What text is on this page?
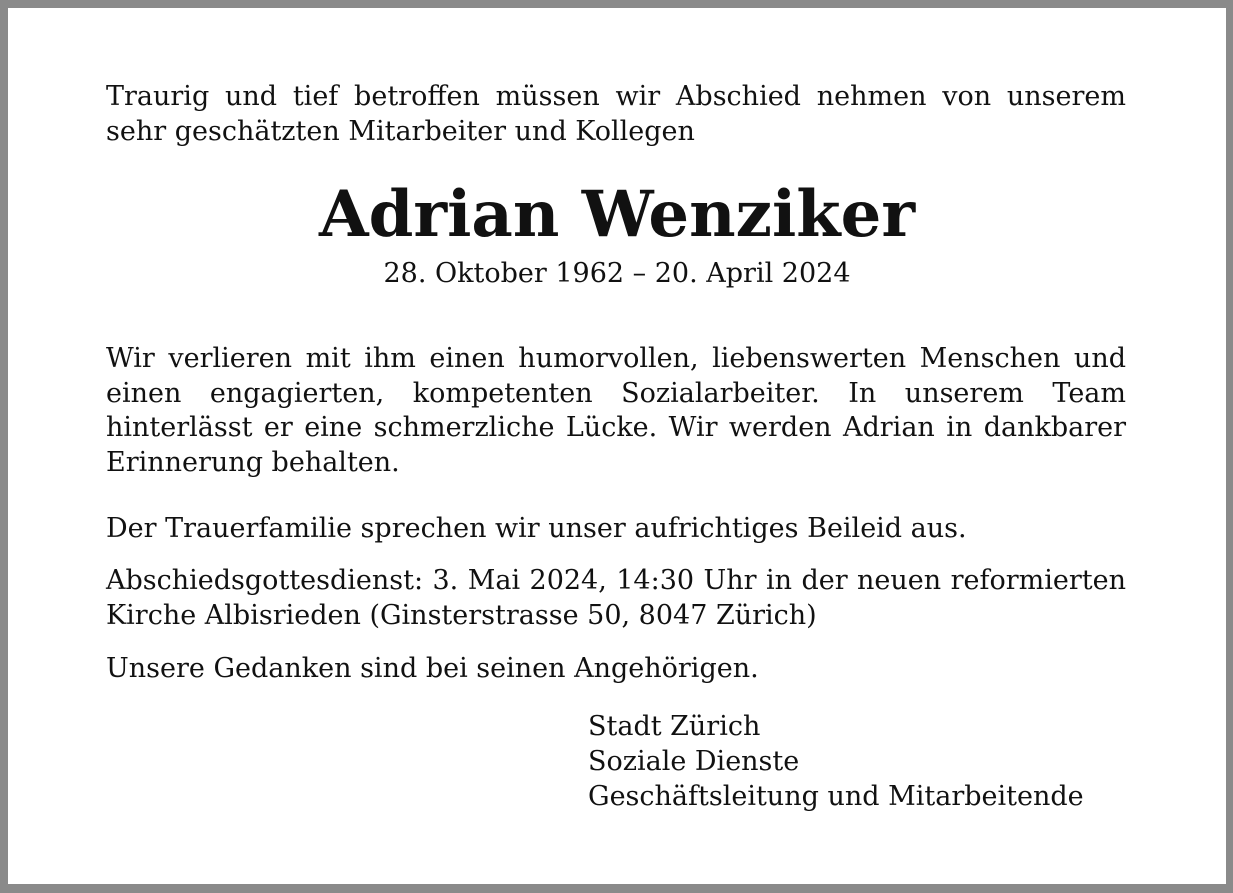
Traurig und tief betroffen müssen wir Abschied nehmen von unserem sehr geschätzten Mitarbeiter und Kollegen
Adrian Wenziker
28. Oktober 1962 – 20. April 2024
Wir verlieren mit ihm einen humorvollen, liebenswerten Menschen und einen engagierten, kompetenten Sozialarbeiter. In unserem Team hinterlässt er eine schmerzliche Lücke. Wir werden Adrian in dankbarer Erinnerung behalten.
Der Trauerfamilie sprechen wir unser aufrichtiges Beileid aus.
Abschiedsgottesdienst: 3. Mai 2024, 14:30 Uhr in der neuen reformierten Kirche Albisrieden (Ginsterstrasse 50, 8047 Zürich)
Unsere Gedanken sind bei seinen Angehörigen.
Stadt Zürich
Soziale Dienste
Geschäftsleitung und Mitarbeitende
